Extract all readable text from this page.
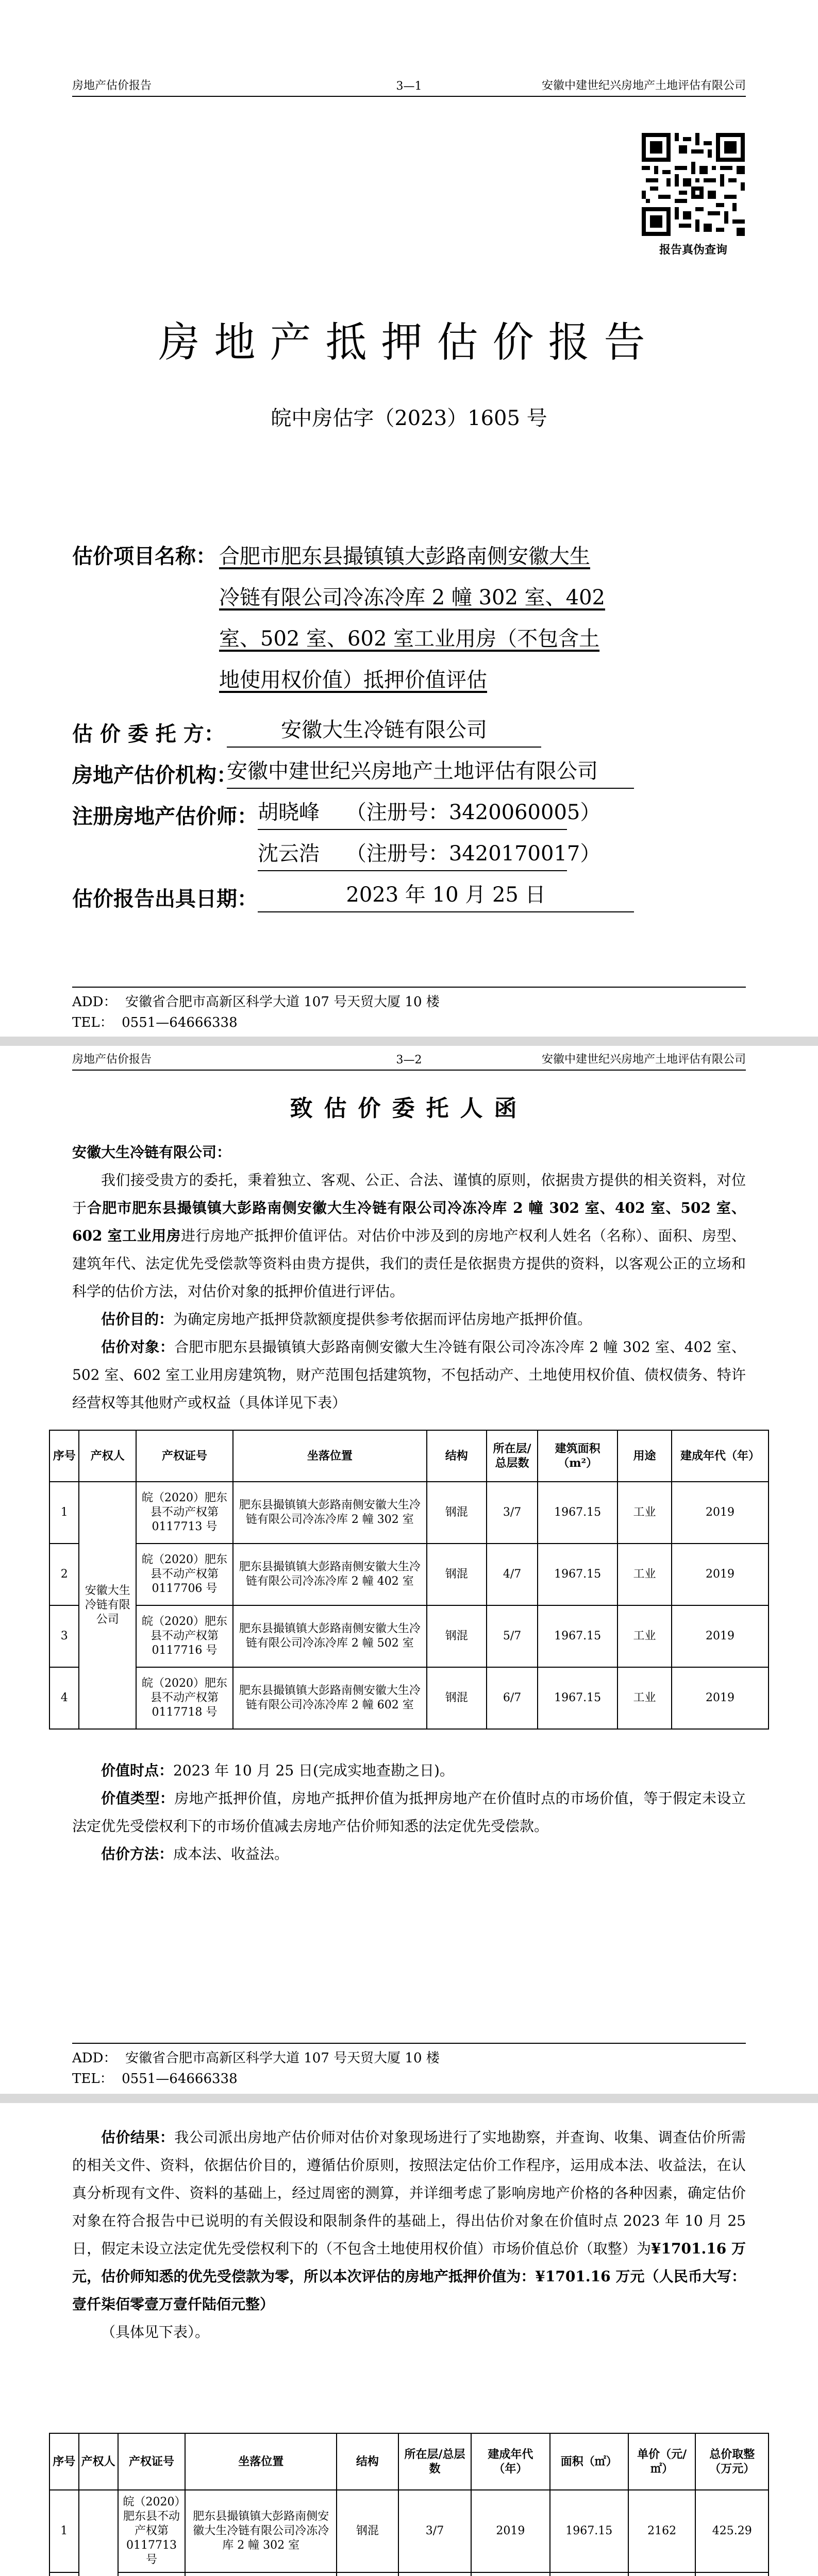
房地产估价报告	3—1	安徽中建世纪兴房地产土地评估有限公司
报告真伪查询
房地产抵押估价报告
皖中房估字（2023）1605 号
估价项目名称： 合肥市肥东县撮镇镇大彭路南侧安徽大生
冷链有限公司冷冻冷库 2 幢 302 室、402
室、502 室、602 室工业用房（不包含土
地使用权价值）抵押价值评估
估 价 委 托 方：	安徽大生冷链有限公司
房地产估价机构：
安徽中建世纪兴房地产土地评估有限公司
注册房地产估价师： 胡晓峰    （注册号：3420060005）
沈云浩    （注册号：3420170017）
估价报告出具日期：	2023 年 10 月 25 日
ADD：  安徽省合肥市高新区科学大道 107 号天贸大厦 10 楼
TEL：  0551—64666338
房地产估价报告	3—2	安徽中建世纪兴房地产土地评估有限公司
致估价委托人函

安徽大生冷链有限公司：

我们接受贵方的委托，秉着独立、客观、公正、合法、谨慎的原则，依据贵方提供的相关资料，对位于合肥市肥东县撮镇镇大彭路南侧安徽大生冷链有限公司冷冻冷库 2 幢 302 室、402 室、502 室、602 室工业用房进行房地产抵押价值评估。对估价中涉及到的房地产权利人姓名（名称）、面积、房型、建筑年代、法定优先受偿款等资料由贵方提供，我们的责任是依据贵方提供的资料，以客观公正的立场和科学的估价方法，对估价对象的抵押价值进行评估。

估价目的：为确定房地产抵押贷款额度提供参考依据而评估房地产抵押价值。

估价对象：合肥市肥东县撮镇镇大彭路南侧安徽大生冷链有限公司冷冻冷库 2 幢 302 室、402 室、502 室、602 室工业用房建筑物，财产范围包括建筑物，不包括动产、土地使用权价值、债权债务、特许经营权等其他财产或权益（具体详见下表）

序号	产权人	产权证号	坐落位置	结构	所在层/总层数	建筑面积（m²）	用途	建成年代（年）
1	安徽大生冷链有限公司	皖（2020）肥东县不动产权第 0117713 号	肥东县撮镇镇大彭路南侧安徽大生冷链有限公司冷冻冷库 2 幢 302 室	钢混	3/7	1967.15	工业	2019
2		皖（2020）肥东县不动产权第 0117706 号	肥东县撮镇镇大彭路南侧安徽大生冷链有限公司冷冻冷库 2 幢 402 室	钢混	4/7	1967.15	工业	2019
3		皖（2020）肥东县不动产权第 0117716 号	肥东县撮镇镇大彭路南侧安徽大生冷链有限公司冷冻冷库 2 幢 502 室	钢混	5/7	1967.15	工业	2019
4		皖（2020）肥东县不动产权第 0117718 号	肥东县撮镇镇大彭路南侧安徽大生冷链有限公司冷冻冷库 2 幢 602 室	钢混	6/7	1967.15	工业	2019

价值时点：2023 年 10 月 25 日(完成实地查勘之日)。

价值类型：房地产抵押价值，房地产抵押价值为抵押房地产在价值时点的市场价值，等于假定未设立法定优先受偿权利下的市场价值减去房地产估价师知悉的法定优先受偿款。

估价方法：成本法、收益法。

ADD：  安徽省合肥市高新区科学大道 107 号天贸大厦 10 楼
TEL：  0551—64666338

估价结果：我公司派出房地产估价师对估价对象现场进行了实地勘察，并查询、收集、调查估价所需的相关文件、资料，依据估价目的，遵循估价原则，按照法定估价工作程序，运用成本法、收益法，在认真分析现有文件、资料的基础上，经过周密的测算，并详细考虑了影响房地产价格的各种因素，确定估价对象在符合报告中已说明的有关假设和限制条件的基础上，得出估价对象在价值时点 2023 年 10 月 25 日，假定未设立法定优先受偿权利下的（不包含土地使用权价值）市场价值总价（取整）为¥1701.16 万元，估价师知悉的优先受偿款为零，所以本次评估的房地产抵押价值为：¥1701.16 万元（人民币大写：壹仟柒佰零壹万壹仟陆佰元整）

（具体见下表）。

序号	产权人	产权证号	坐落位置	结构	所在层/总层数	建成年代（年）	面积（㎡）	单价（元/㎡）	总价取整（万元）
1		皖（2020）肥东县不动产权第 0117713 号	肥东县撮镇镇大彭路南侧安徽大生冷链有限公司冷冻冷库 2 幢 302 室	钢混	3/7	2019	1967.15	2162	425.29
